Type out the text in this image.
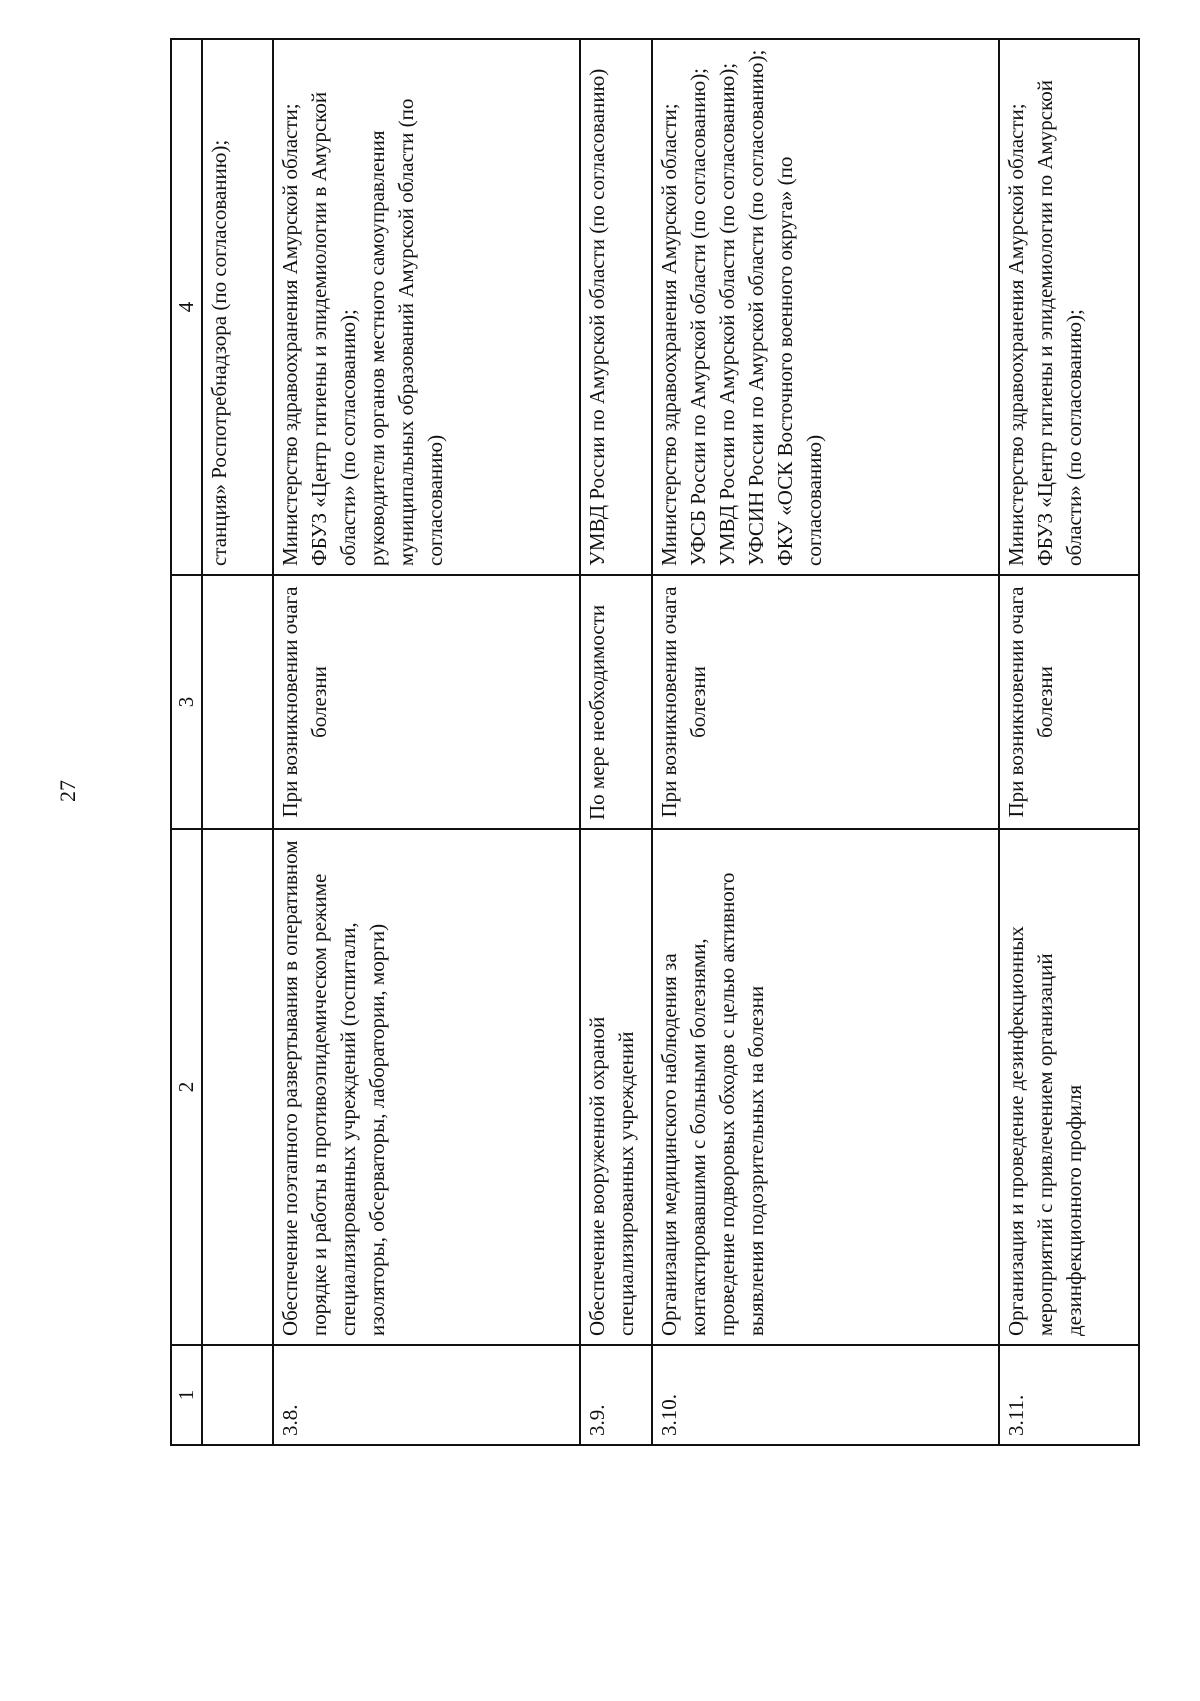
27
1	2	3	4

			станция» Роспотребнадзора (по согласованию);

3.8.	Обеспечение поэтапного развертывания в оперативном порядке и работы в противоэпидемическом режиме специализированных учреждений (госпитали, изоляторы, обсерваторы, лаборатории, морги)	При возникновении очага болезни	Министерство здравоохранения Амурской области; ФБУЗ «Центр гигиены и эпидемиологии в Амурской области» (по согласованию); руководители органов местного самоуправления муниципальных образований Амурской области (по согласованию)

3.9.	Обеспечение вооруженной охраной специализированных учреждений	По мере необходимости	УМВД России по Амурской области (по согласованию)

3.10.	Организация медицинского наблюдения за контактировавшими с больными болезнями, проведение подворовых обходов с целью активного выявления подозрительных на болезни	При возникновении очага болезни	Министерство здравоохранения Амурской области; УФСБ России по Амурской области (по согласованию); УМВД России по Амурской области (по согласованию); УФСИН России по Амурской области (по согласованию); ФКУ «ОСК Восточного военного округа» (по согласованию)

3.11.	Организация и проведение дезинфекционных мероприятий с привлечением организаций дезинфекционного профиля	При возникновении очага болезни	Министерство здравоохранения Амурской области; ФБУЗ «Центр гигиены и эпидемиологии по Амурской области» (по согласованию);
